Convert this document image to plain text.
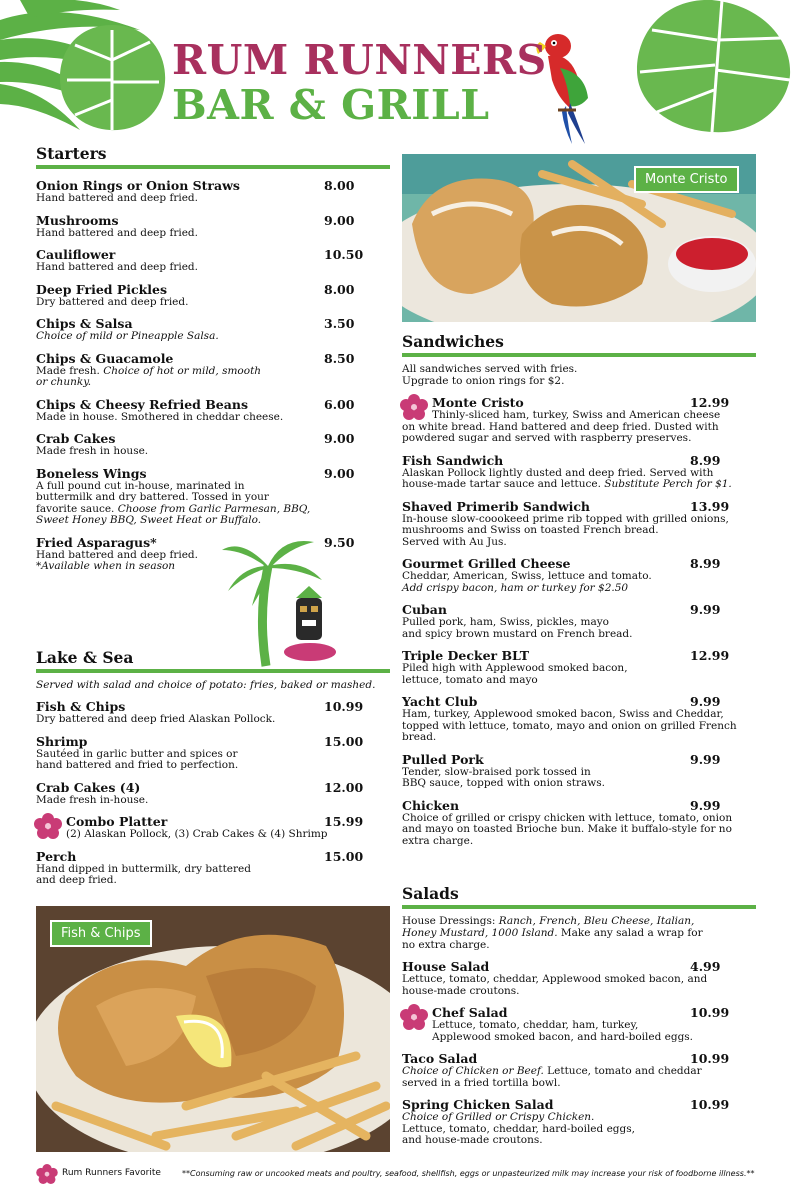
RUM RUNNERS
BAR & GRILL
Starters
Onion Rings or Onion Straws	8.00
Hand battered and deep fried.
Mushrooms	9.00
Hand battered and deep fried.
Cauliflower	10.50
Hand battered and deep fried.
Deep Fried Pickles	8.00
Dry battered and deep fried.
Chips & Salsa	3.50
Choice of mild or Pineapple Salsa.
Chips & Guacamole	8.50
Made fresh. Choice of hot or mild, smooth
or chunky.
Chips & Cheesy Refried Beans	6.00
Made in house. Smothered in cheddar cheese.
Crab Cakes	9.00
Made fresh in house.
Boneless Wings	9.00
A full pound cut in-house, marinated in
buttermilk and dry battered. Tossed in your
favorite sauce. Choose from Garlic Parmesan, BBQ,
Sweet Honey BBQ, Sweet Heat or Buffalo.
Fried Asparagus*	9.50
Hand battered and deep fried.
*Available when in season
Lake & Sea
Served with salad and choice of potato: fries, baked or mashed.
Fish & Chips	10.99
Dry battered and deep fried Alaskan Pollock.
Shrimp	15.00
Sautéed in garlic butter and spices or
hand battered and fried to perfection.
Crab Cakes (4)	12.00
Made fresh in-house.
Combo Platter	15.99
(2) Alaskan Pollock, (3) Crab Cakes & (4) Shrimp
Perch	15.00
Hand dipped in buttermilk, dry battered
and deep fried.
Fish & Chips
Monte Cristo
Sandwiches
All sandwiches served with fries.
Upgrade to onion rings for $2.
Monte Cristo	12.99
Thinly-sliced ham, turkey, Swiss and American cheese
on white bread. Hand battered and deep fried. Dusted with
powdered sugar and served with raspberry preserves.
Fish Sandwich	8.99
Alaskan Pollock lightly dusted and deep fried. Served with
house-made tartar sauce and lettuce. Substitute Perch for $1.
Shaved Primerib Sandwich	13.99
In-house slow-coookeed prime rib topped with grilled onions,
mushrooms and Swiss on toasted French bread.
Served with Au Jus.
Gourmet Grilled Cheese	8.99
Cheddar, American, Swiss, lettuce and tomato.
Add crispy bacon, ham or turkey for $2.50
Cuban	9.99
Pulled pork, ham, Swiss, pickles, mayo
and spicy brown mustard on French bread.
Triple Decker BLT	12.99
Piled high with Applewood smoked bacon,
lettuce, tomato and mayo
Yacht Club	9.99
Ham, turkey, Applewood smoked bacon, Swiss and Cheddar,
topped with lettuce, tomato, mayo and onion on grilled French
bread.
Pulled Pork	9.99
Tender, slow-braised pork tossed in
BBQ sauce, topped with onion straws.
Chicken	9.99
Choice of grilled or crispy chicken with lettuce, tomato, onion
and mayo on toasted Brioche bun. Make it buffalo-style for no
extra charge.
Salads
House Dressings: Ranch, French, Bleu Cheese, Italian,
Honey Mustard, 1000 Island. Make any salad a wrap for
no extra charge.
House Salad	4.99
Lettuce, tomato, cheddar, Applewood smoked bacon, and
house-made croutons.
Chef Salad	10.99
Lettuce, tomato, cheddar, ham, turkey,
Applewood smoked bacon, and hard-boiled eggs.
Taco Salad	10.99
Choice of Chicken or Beef. Lettuce, tomato and cheddar
served in a fried tortilla bowl.
Spring Chicken Salad	10.99
Choice of Grilled or Crispy Chicken.
Lettuce, tomato, cheddar, hard-boiled eggs,
and house-made croutons.
Rum Runners Favorite	**Consuming raw or uncooked meats and poultry, seafood, shellfish, eggs or unpasteurized milk may increase your risk of foodborne illness.**
